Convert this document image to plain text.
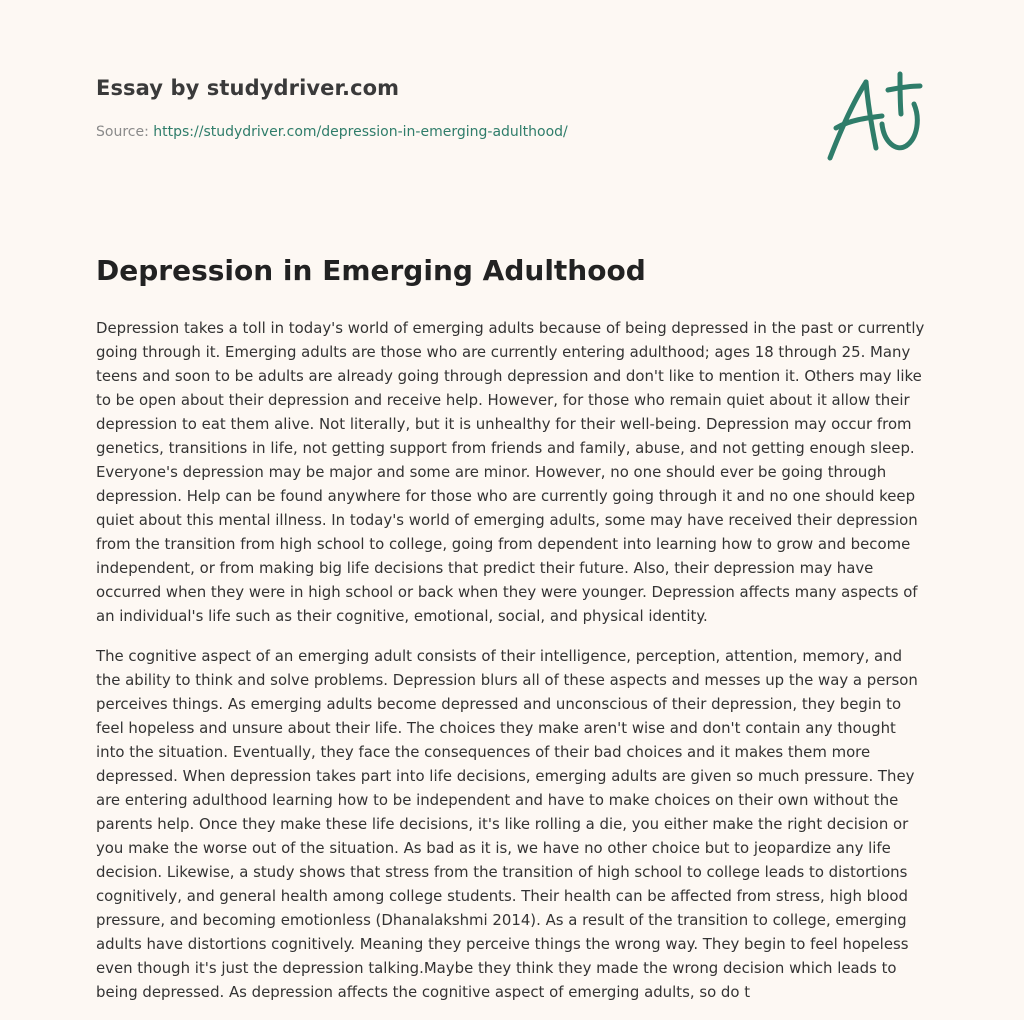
Essay by studydriver.com
Source: https://studydriver.com/depression-in-emerging-adulthood/
Depression in Emerging Adulthood

Depression takes a toll in today's world of emerging adults because of being depressed in the past or currently going through it. Emerging adults are those who are currently entering adulthood; ages 18 through 25. Many teens and soon to be adults are already going through depression and don't like to mention it. Others may like to be open about their depression and receive help. However, for those who remain quiet about it allow their depression to eat them alive. Not literally, but it is unhealthy for their well-being. Depression may occur from genetics, transitions in life, not getting support from friends and family, abuse, and not getting enough sleep. Everyone's depression may be major and some are minor. However, no one should ever be going through depression. Help can be found anywhere for those who are currently going through it and no one should keep quiet about this mental illness. In today's world of emerging adults, some may have received their depression from the transition from high school to college, going from dependent into learning how to grow and become independent, or from making big life decisions that predict their future. Also, their depression may have occurred when they were in high school or back when they were younger. Depression affects many aspects of an individual's life such as their cognitive, emotional, social, and physical identity.

The cognitive aspect of an emerging adult consists of their intelligence, perception, attention, memory, and the ability to think and solve problems. Depression blurs all of these aspects and messes up the way a person perceives things. As emerging adults become depressed and unconscious of their depression, they begin to feel hopeless and unsure about their life. The choices they make aren't wise and don't contain any thought into the situation. Eventually, they face the consequences of their bad choices and it makes them more depressed. When depression takes part into life decisions, emerging adults are given so much pressure. They are entering adulthood learning how to be independent and have to make choices on their own without the parents help. Once they make these life decisions, it's like rolling a die, you either make the right decision or you make the worse out of the situation. As bad as it is, we have no other choice but to jeopardize any life decision. Likewise, a study shows that stress from the transition of high school to college leads to distortions cognitively, and general health among college students. Their health can be affected from stress, high blood pressure, and becoming emotionless (Dhanalakshmi 2014). As a result of the transition to college, emerging adults have distortions cognitively. Meaning they perceive things the wrong way. They begin to feel hopeless even though it's just the depression talking.Maybe they think they made the wrong decision which leads to being depressed. As depression affects the cognitive aspect of emerging adults, so do t
